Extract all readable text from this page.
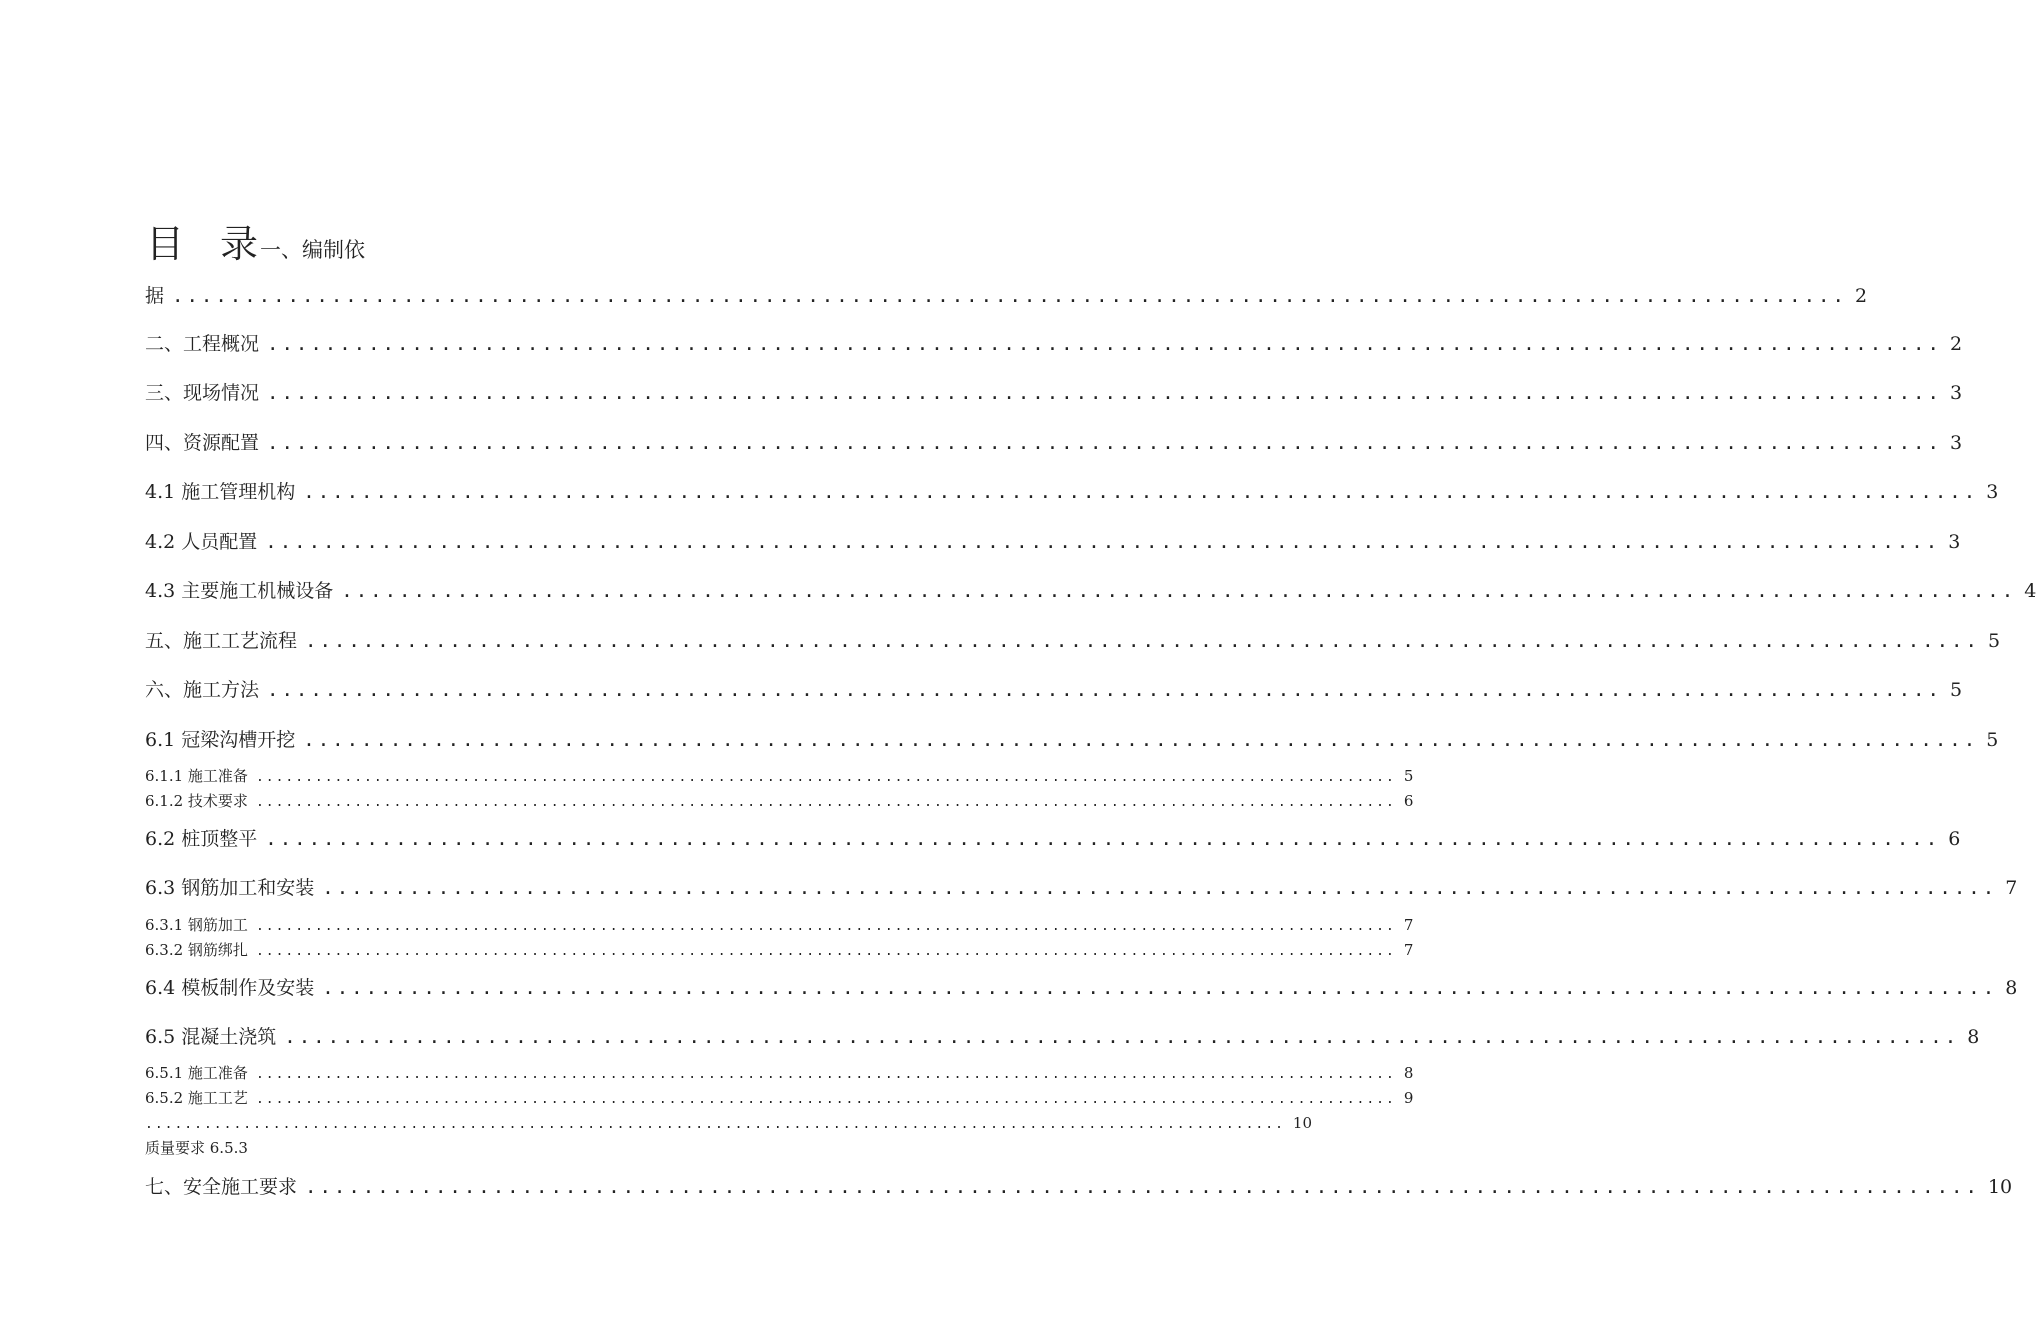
目 录一、编制依
据 .................................................................................................................... 2
二、工程概况 .................................................................................................................... 2
三、现场情况 .................................................................................................................... 3
四、资源配置 .................................................................................................................... 3
4.1 施工管理机构 .................................................................................................................... 3
4.2 人员配置 .................................................................................................................... 3
4.3 主要施工机械设备 .................................................................................................................... 4
五、施工工艺流程 .................................................................................................................... 5
六、施工方法 .................................................................................................................... 5
6.1 冠梁沟槽开挖 .................................................................................................................... 5
6.1.1 施工准备 .................................................................................................................... 5
6.1.2 技术要求 .................................................................................................................... 6
6.2 桩顶整平 .................................................................................................................... 6
6.3 钢筋加工和安装 .................................................................................................................... 7
6.3.1 钢筋加工 .................................................................................................................... 7
6.3.2 钢筋绑扎 .................................................................................................................... 7
6.4 模板制作及安装 .................................................................................................................... 8
6.5 混凝土浇筑 .................................................................................................................... 8
6.5.1 施工准备 .................................................................................................................... 8
6.5.2 施工工艺 .................................................................................................................... 9
.................................................................................................................... 10
质量要求 6.5.3
七、安全施工要求 .................................................................................................................... 10
